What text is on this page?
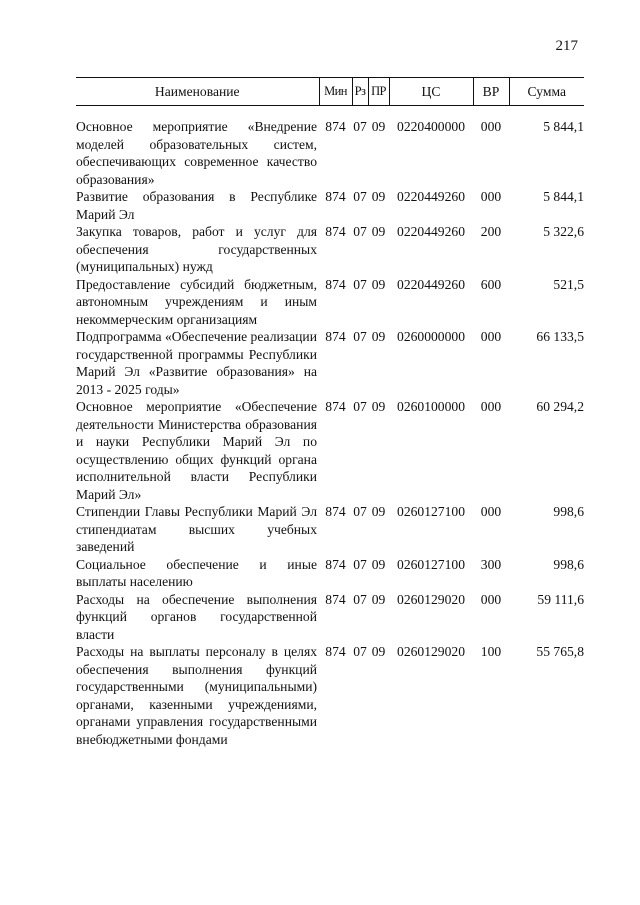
217
Наименование	Мин	Рз	ПР	ЦС	ВР	Сумма

Основное мероприятие «Внедрение моделей образовательных систем, обеспечивающих современное качество образования»	874	07	09	0220400000	000	5 844,1
Развитие образования в Республике Марий Эл	874	07	09	0220449260	000	5 844,1
Закупка товаров, работ и услуг для обеспечения государственных (муниципальных) нужд	874	07	09	0220449260	200	5 322,6
Предоставление субсидий бюджетным, автономным учреждениям и иным некоммерческим организациям	874	07	09	0220449260	600	521,5
Подпрограмма «Обеспечение реализации государственной программы Республики Марий Эл «Развитие образования» на 2013 - 2025 годы»	874	07	09	0260000000	000	66 133,5
Основное мероприятие «Обеспечение деятельности Министерства образования и науки Республики Марий Эл по осуществлению общих функций органа исполнительной власти Республики Марий Эл»	874	07	09	0260100000	000	60 294,2
Стипендии Главы Республики Марий Эл стипендиатам высших учебных заведений	874	07	09	0260127100	000	998,6
Социальное обеспечение и иные выплаты населению	874	07	09	0260127100	300	998,6
Расходы на обеспечение выполнения функций органов государственной власти	874	07	09	0260129020	000	59 111,6
Расходы на выплаты персоналу в целях обеспечения выполнения функций государственными (муниципальными) органами, казенными учреждениями, органами управления государственными внебюджетными фондами	874	07	09	0260129020	100	55 765,8
